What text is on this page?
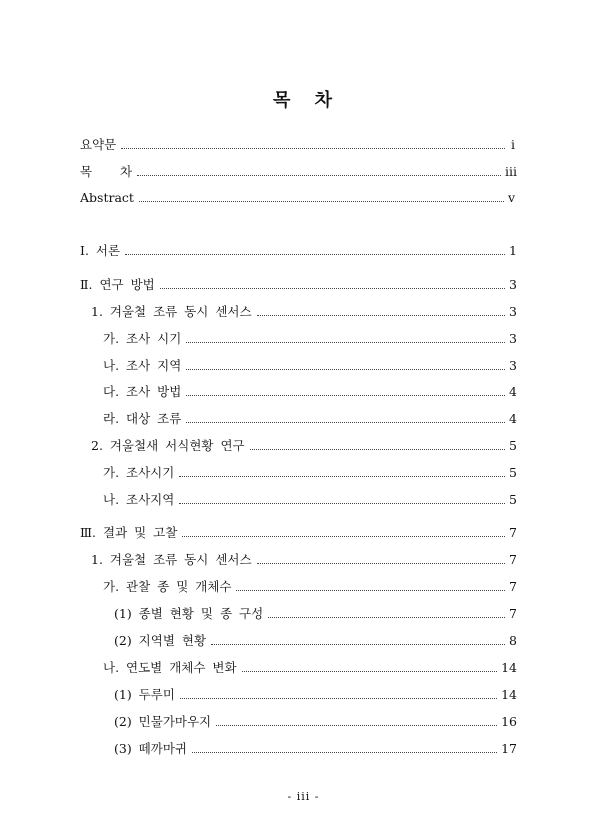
목 차
요약문	i
목    차	iii
Abstract	v
Ⅰ. 서론	1
Ⅱ. 연구 방법	3
1. 겨울철 조류 동시 센서스	3
가. 조사 시기	3
나. 조사 지역	3
다. 조사 방법	4
라. 대상 조류	4
2. 겨울철새 서식현황 연구	5
가. 조사시기	5
나. 조사지역	5
Ⅲ. 결과 및 고찰	7
1. 겨울철 조류 동시 센서스	7
가. 관찰 종 및 개체수	7
(1) 종별 현황 및 종 구성	7
(2) 지역별 현황	8
나. 연도별 개체수 변화	14
(1) 두루미	14
(2) 민물가마우지	16
(3) 떼까마귀	17
- iii -
